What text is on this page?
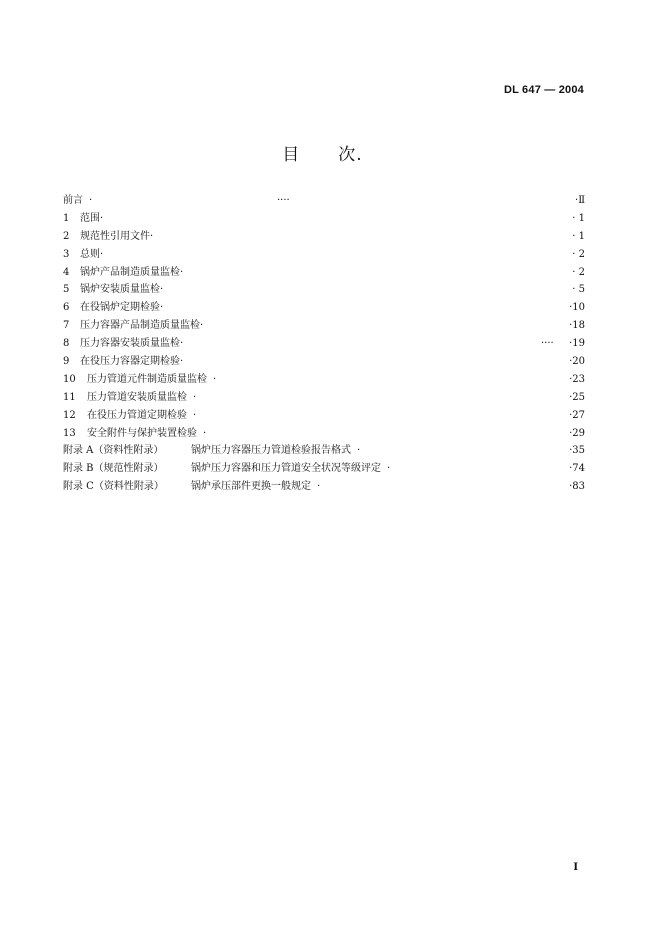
DL 647 — 2004
目 次.
前言 ·	····	·Ⅱ
1 范围·	· 1
2 规范性引用文件·	· 1
3 总则·	· 2
4 锅炉产品制造质量监检·	· 2
5 锅炉安装质量监检·	· 5
6 在役锅炉定期检验·	·10
7 压力容器产品制造质量监检·	·18
8 压力容器安装质量监检·	···· ·19
9 在役压力容器定期检验·	·20
10 压力管道元件制造质量监检 ·	·23
11 压力管道安装质量监检 ·	·25
12 在役压力管道定期检验 ·	·27
13 安全附件与保护装置检验 ·	·29
附录 A（资料性附录）	锅炉压力容器压力管道检验报告格式 ·	·35
附录 B（规范性附录）	锅炉压力容器和压力管道安全状况等级评定 ·	·74
附录 C（资料性附录）	锅炉承压部件更换一般规定 ·	·83
I
